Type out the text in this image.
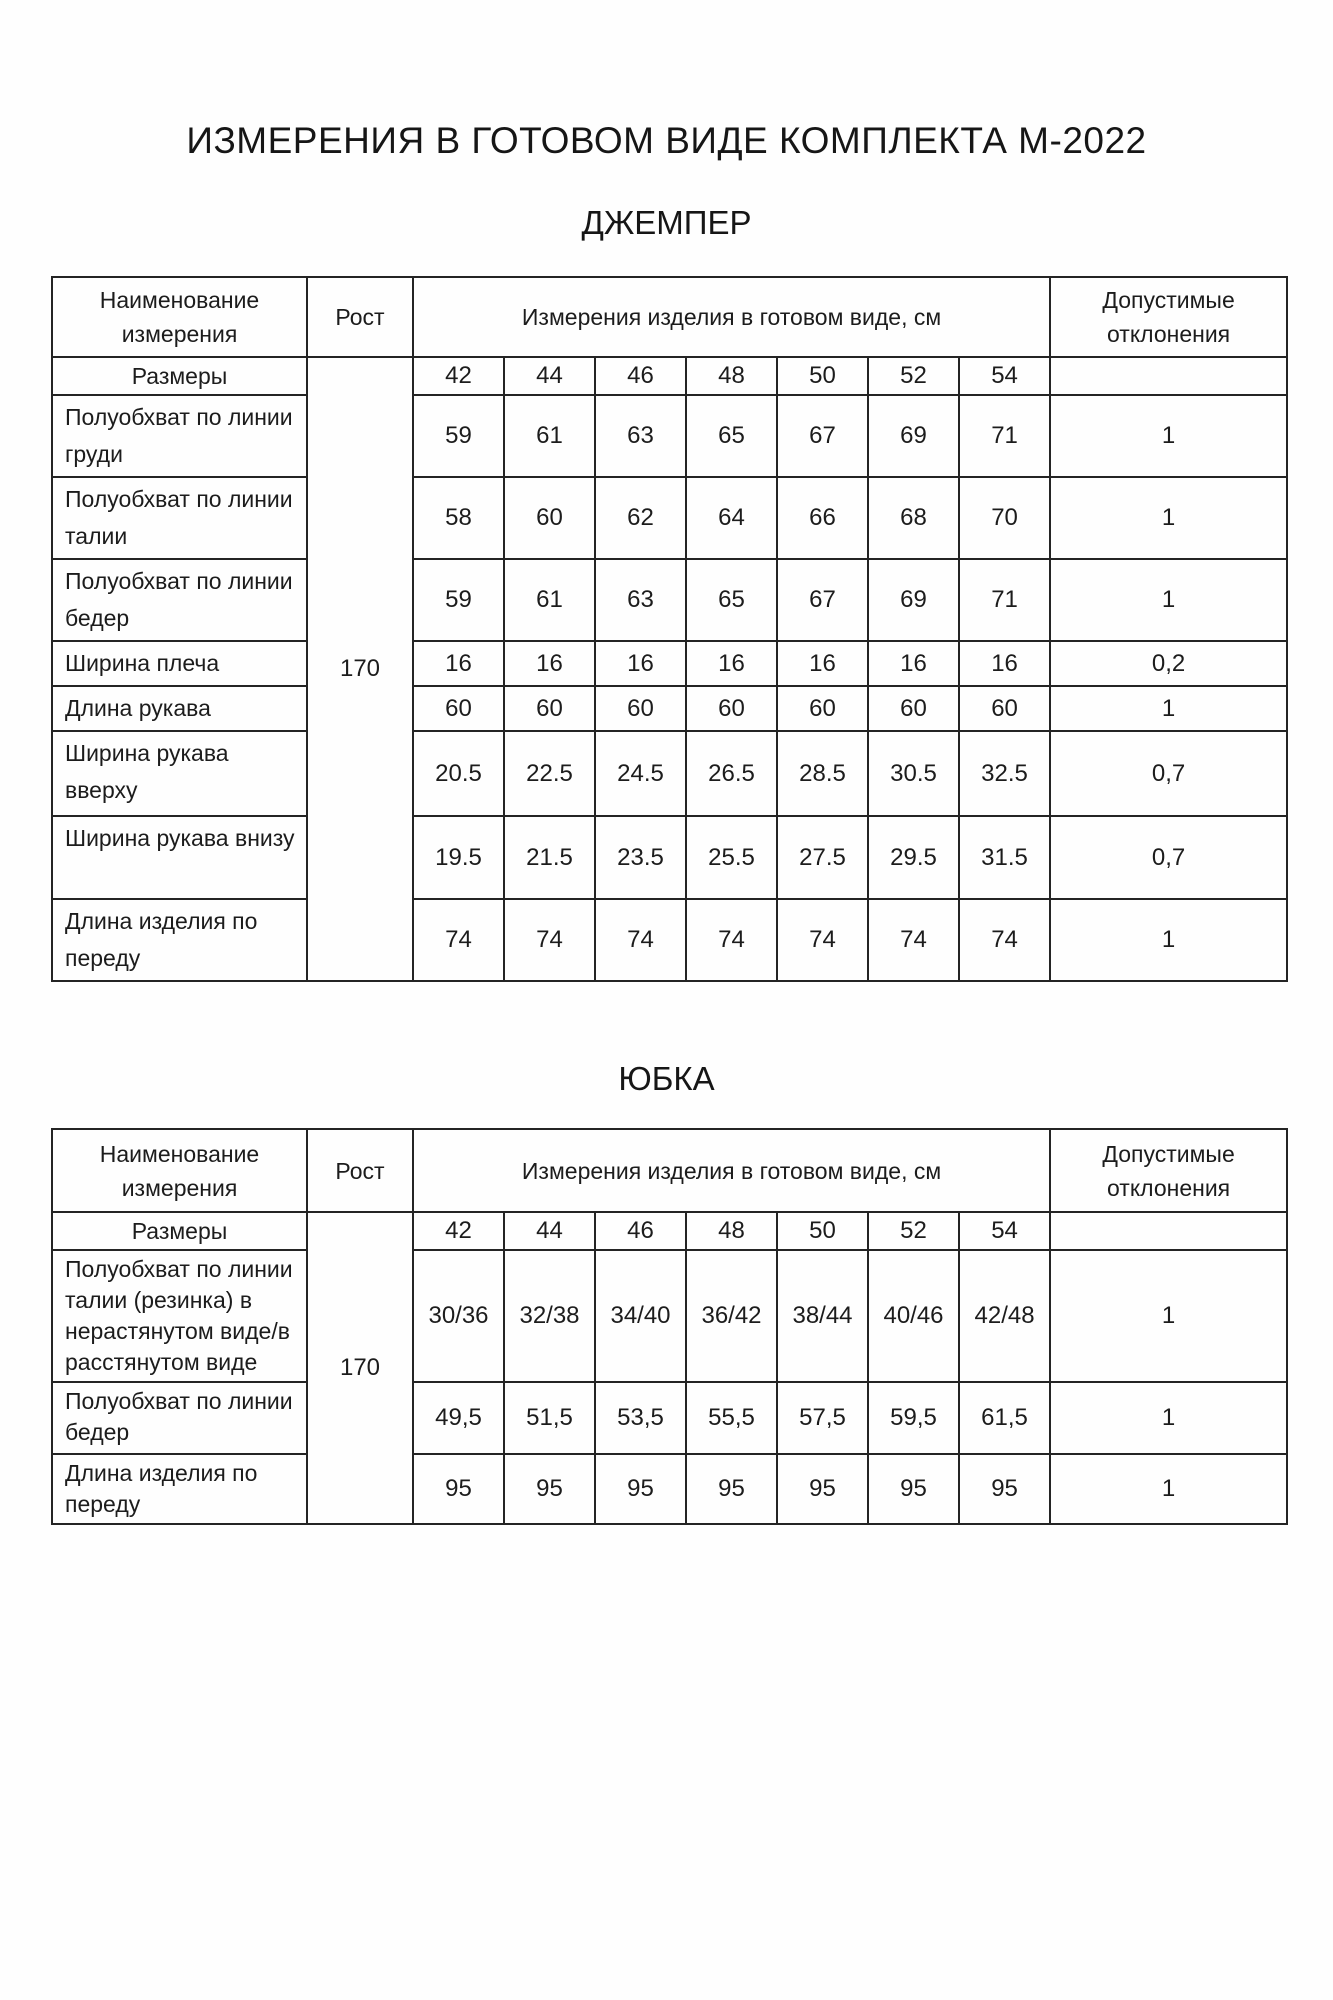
ИЗМЕРЕНИЯ В ГОТОВОМ ВИДЕ КОМПЛЕКТА М-2022
ДЖЕМПЕР
Наименование измерения	Рост	Измерения изделия в готовом виде, см							Допустимые отклонения
Размеры	170	42	44	46	48	50	52	54	
Полуобхват по линии груди		59	61	63	65	67	69	71	1
Полуобхват по линии талии		58	60	62	64	66	68	70	1
Полуобхват по линии бедер		59	61	63	65	67	69	71	1
Ширина плеча		16	16	16	16	16	16	16	0,2
Длина рукава		60	60	60	60	60	60	60	1
Ширина рукава вверху		20.5	22.5	24.5	26.5	28.5	30.5	32.5	0,7
Ширина рукава внизу		19.5	21.5	23.5	25.5	27.5	29.5	31.5	0,7
Длина изделия по переду		74	74	74	74	74	74	74	1
ЮБКА
Наименование измерения	Рост	Измерения изделия в готовом виде, см							Допустимые отклонения
Размеры	170	42	44	46	48	50	52	54	
Полуобхват по линии талии (резинка) в нерастянутом виде/в расстянутом виде		30/36	32/38	34/40	36/42	38/44	40/46	42/48	1
Полуобхват по линии бедер		49,5	51,5	53,5	55,5	57,5	59,5	61,5	1
Длина изделия по переду		95	95	95	95	95	95	95	1
